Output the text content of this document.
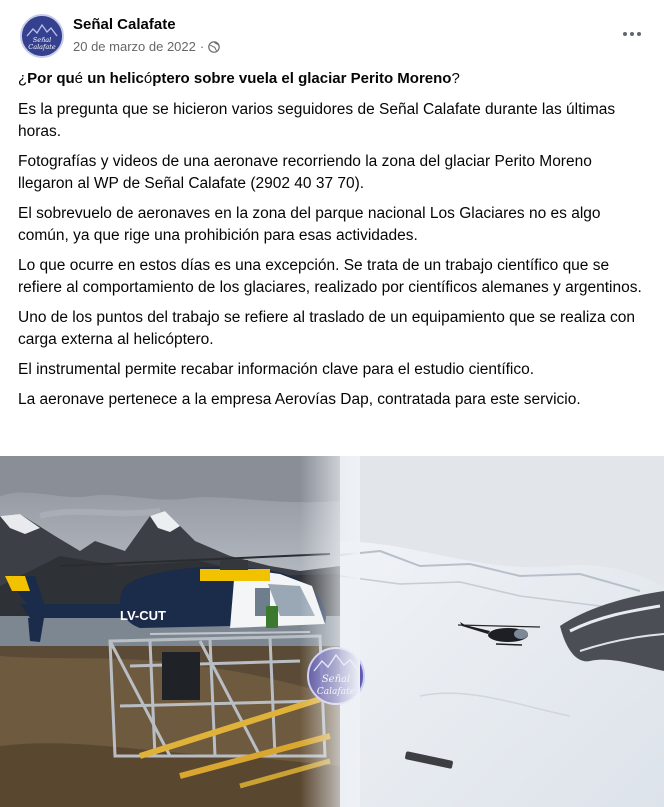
Señal
Calafate
Señal Calafate
20 de marzo de 2022 ·

¿Por qué un helicóptero sobre vuela el glaciar Perito Moreno?

Es la pregunta que se hicieron varios seguidores de Señal Calafate durante las últimas horas.

Fotografías y videos de una aeronave recorriendo la zona del glaciar Perito Moreno llegaron al WP de Señal Calafate (2902 40 37 70).

El sobrevuelo de aeronaves en la zona del parque nacional Los Glaciares no es algo común, ya que rige una prohibición para esas actividades.

Lo que ocurre en estos días es una excepción. Se trata de un trabajo científico que se refiere al comportamiento de los glaciares, realizado por científicos alemanes y argentinos.

Uno de los puntos del trabajo se refiere al traslado de un equipamiento que se realiza con carga externa al helicóptero.

El instrumental permite recabar información clave para el estudio científico.

La aeronave pertenece a la empresa Aerovías Dap, contratada para este servicio.

LV-CUT
